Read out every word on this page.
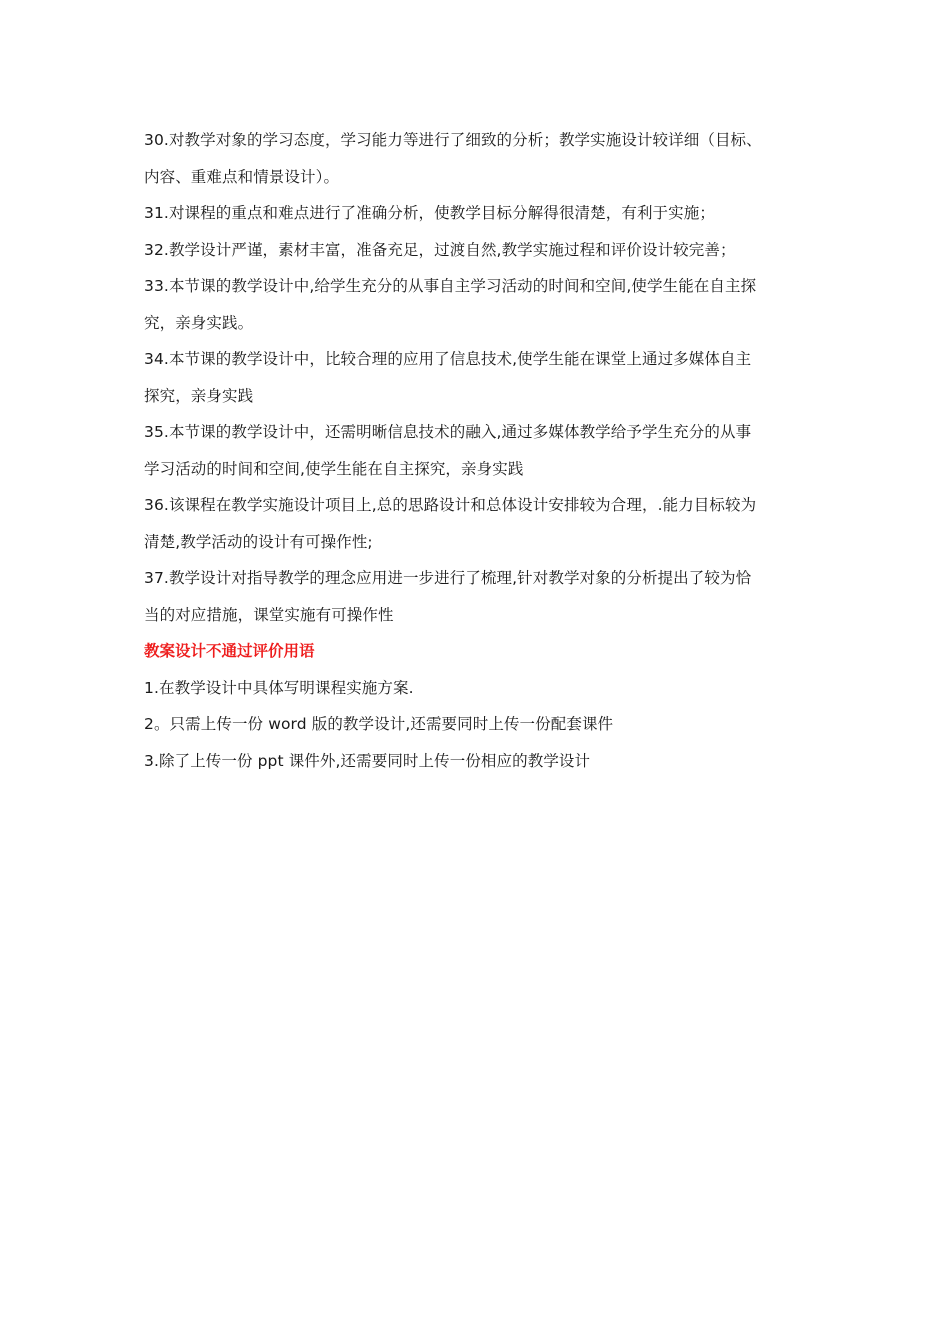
30.对教学对象的学习态度，学习能力等进行了细致的分析；教学实施设计较详细（目标、
内容、重难点和情景设计）。
31.对课程的重点和难点进行了准确分析，使教学目标分解得很清楚，有利于实施；
32.教学设计严谨，素材丰富，准备充足，过渡自然,教学实施过程和评价设计较完善；
33.本节课的教学设计中,给学生充分的从事自主学习活动的时间和空间,使学生能在自主探
究，亲身实践。
34.本节课的教学设计中，比较合理的应用了信息技术,使学生能在课堂上通过多媒体自主
探究，亲身实践
35.本节课的教学设计中，还需明晰信息技术的融入,通过多媒体教学给予学生充分的从事
学习活动的时间和空间,使学生能在自主探究，亲身实践
36.该课程在教学实施设计项目上,总的思路设计和总体设计安排较为合理，.能力目标较为
清楚,教学活动的设计有可操作性;
37.教学设计对指导教学的理念应用进一步进行了梳理,针对教学对象的分析提出了较为恰
当的对应措施，课堂实施有可操作性
教案设计不通过评价用语
1.在教学设计中具体写明课程实施方案.
2。只需上传一份 word 版的教学设计,还需要同时上传一份配套课件
3.除了上传一份 ppt 课件外,还需要同时上传一份相应的教学设计
